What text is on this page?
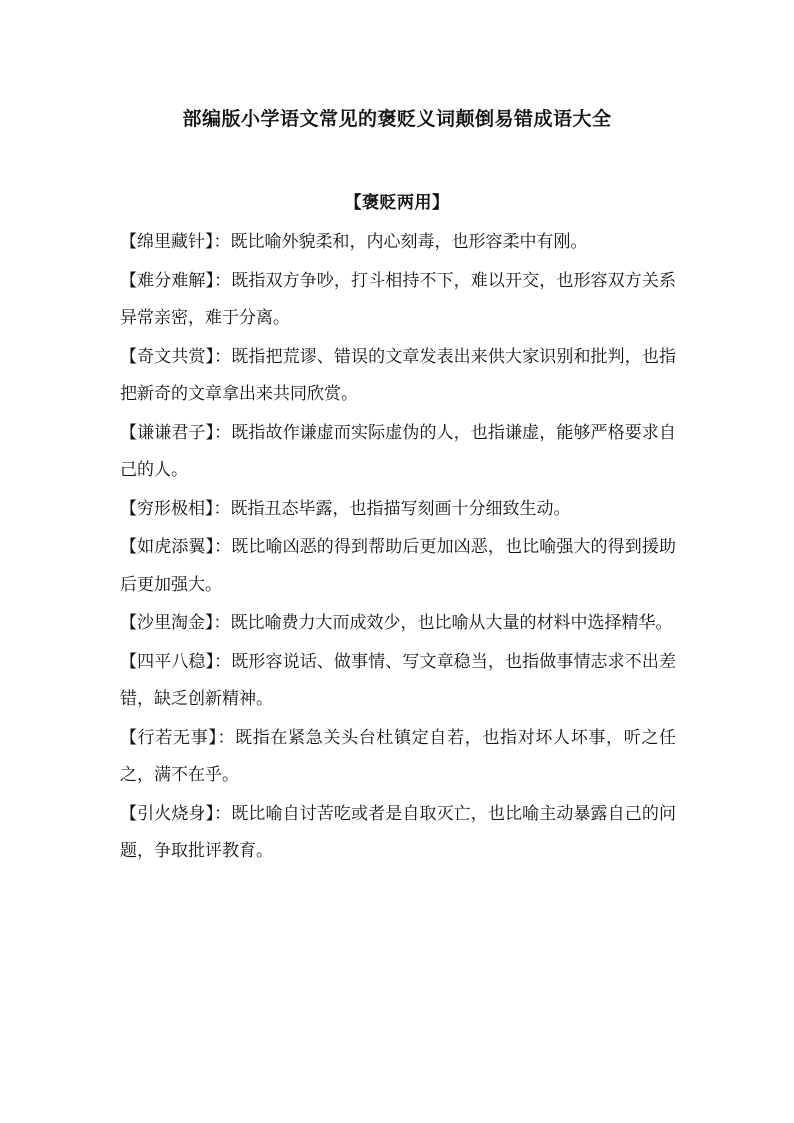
部编版小学语文常见的褒贬义词颠倒易错成语大全
【褒贬两用】

【绵里藏针】：既比喻外貌柔和，内心刻毒，也形容柔中有刚。

【难分难解】：既指双方争吵，打斗相持不下，难以开交，也形容双方关系异常亲密，难于分离。

【奇文共赏】：既指把荒谬、错误的文章发表出来供大家识别和批判，也指把新奇的文章拿出来共同欣赏。

【谦谦君子】：既指故作谦虚而实际虚伪的人，也指谦虚，能够严格要求自己的人。

【穷形极相】：既指丑态毕露，也指描写刻画十分细致生动。

【如虎添翼】：既比喻凶恶的得到帮助后更加凶恶，也比喻强大的得到援助后更加强大。

【沙里淘金】：既比喻费力大而成效少，也比喻从大量的材料中选择精华。

【四平八稳】：既形容说话、做事情、写文章稳当，也指做事情志求不出差错，缺乏创新精神。

【行若无事】：既指在紧急关头台杜镇定自若，也指对坏人坏事，听之任之，满不在乎。

【引火烧身】：既比喻自讨苦吃或者是自取灭亡，也比喻主动暴露自己的问题，争取批评教育。
